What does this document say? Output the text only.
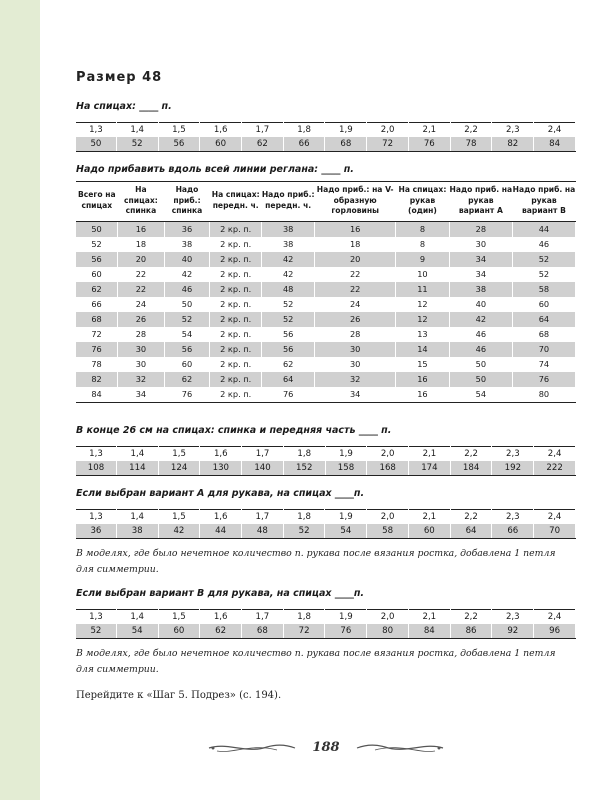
Размер 48
На спицах: ____ п.
1,3	1,4	1,5	1,6	1,7	1,8	1,9	2,0	2,1	2,2	2,3	2,4
50	52	56	60	62	66	68	72	76	78	82	84
Надо прибавить вдоль всей линии реглана: ____ п.
Всего на спицах	На спицах: спинка	Надо приб.: спинка	На спицах: передн. ч.	Надо приб.: передн. ч.	Надо приб.: на V-образную горловины	На спицах: рукав (один)	Надо приб. на рукав вариант А	Надо приб. на рукав вариант В
50	16	36	2 кр. п.	38	16	8	28	44
52	18	38	2 кр. п.	38	18	8	30	46
56	20	40	2 кр. п.	42	20	9	34	52
60	22	42	2 кр. п.	42	22	10	34	52
62	22	46	2 кр. п.	48	22	11	38	58
66	24	50	2 кр. п.	52	24	12	40	60
68	26	52	2 кр. п.	52	26	12	42	64
72	28	54	2 кр. п.	56	28	13	46	68
76	30	56	2 кр. п.	56	30	14	46	70
78	30	60	2 кр. п.	62	30	15	50	74
82	32	62	2 кр. п.	64	32	16	50	76
84	34	76	2 кр. п.	76	34	16	54	80
В конце 26 см на спицах: спинка и передняя часть ____ п.
1,3	1,4	1,5	1,6	1,7	1,8	1,9	2,0	2,1	2,2	2,3	2,4
108	114	124	130	140	152	158	168	174	184	192	222
Если выбран вариант А для рукава, на спицах ____п.
1,3	1,4	1,5	1,6	1,7	1,8	1,9	2,0	2,1	2,2	2,3	2,4
36	38	42	44	48	52	54	58	60	64	66	70
В моделях, где было нечетное количество п. рукава после вязания ростка, добавлена 1 петля для симметрии.
Если выбран вариант В для рукава, на спицах ____п.
1,3	1,4	1,5	1,6	1,7	1,8	1,9	2,0	2,1	2,2	2,3	2,4
52	54	60	62	68	72	76	80	84	86	92	96
В моделях, где было нечетное количество п. рукава после вязания ростка, добавлена 1 петля для симметрии.
Перейдите к «Шаг 5. Подрез» (с. 194).
188
PassionForum.ru
